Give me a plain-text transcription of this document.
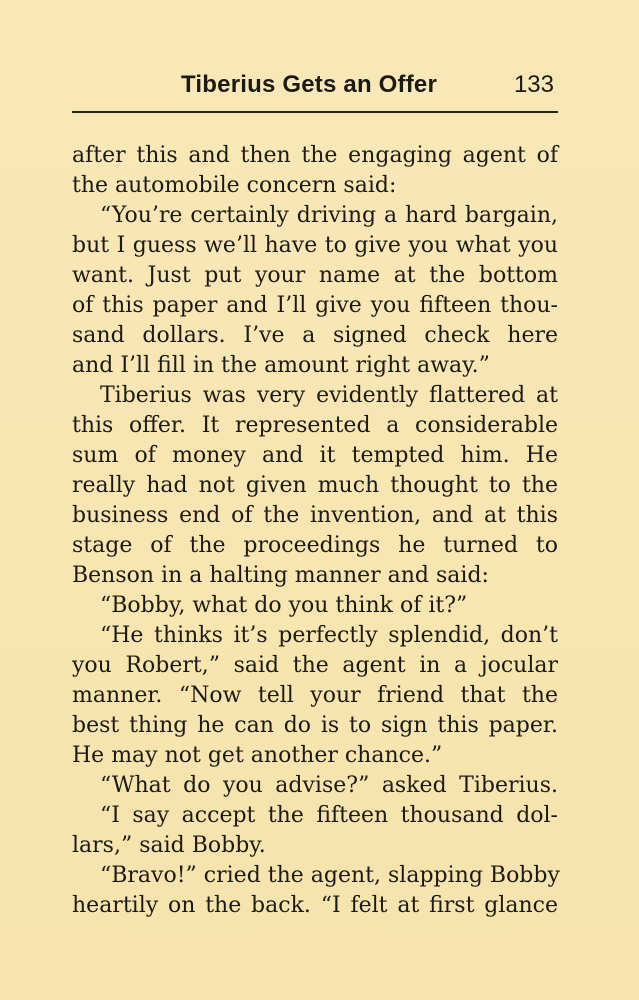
Tiberius Gets an Offer	133
after this and then the engaging agent of
the automobile concern said:
“You’re certainly driving a hard bargain,
but I guess we’ll have to give you what you
want. Just put your name at the bottom
of this paper and I’ll give you fifteen thou-
sand dollars. I’ve a signed check here
and I’ll fill in the amount right away.”
Tiberius was very evidently flattered at
this offer. It represented a considerable
sum of money and it tempted him. He
really had not given much thought to the
business end of the invention, and at this
stage of the proceedings he turned to
Benson in a halting manner and said:
“Bobby, what do you think of it?”
“He thinks it’s perfectly splendid, don’t
you Robert,” said the agent in a jocular
manner. “Now tell your friend that the
best thing he can do is to sign this paper.
He may not get another chance.”
“What do you advise?” asked Tiberius.
“I say accept the fifteen thousand dol-
lars,” said Bobby.
“Bravo!” cried the agent, slapping Bobby
heartily on the back. “I felt at first glance
